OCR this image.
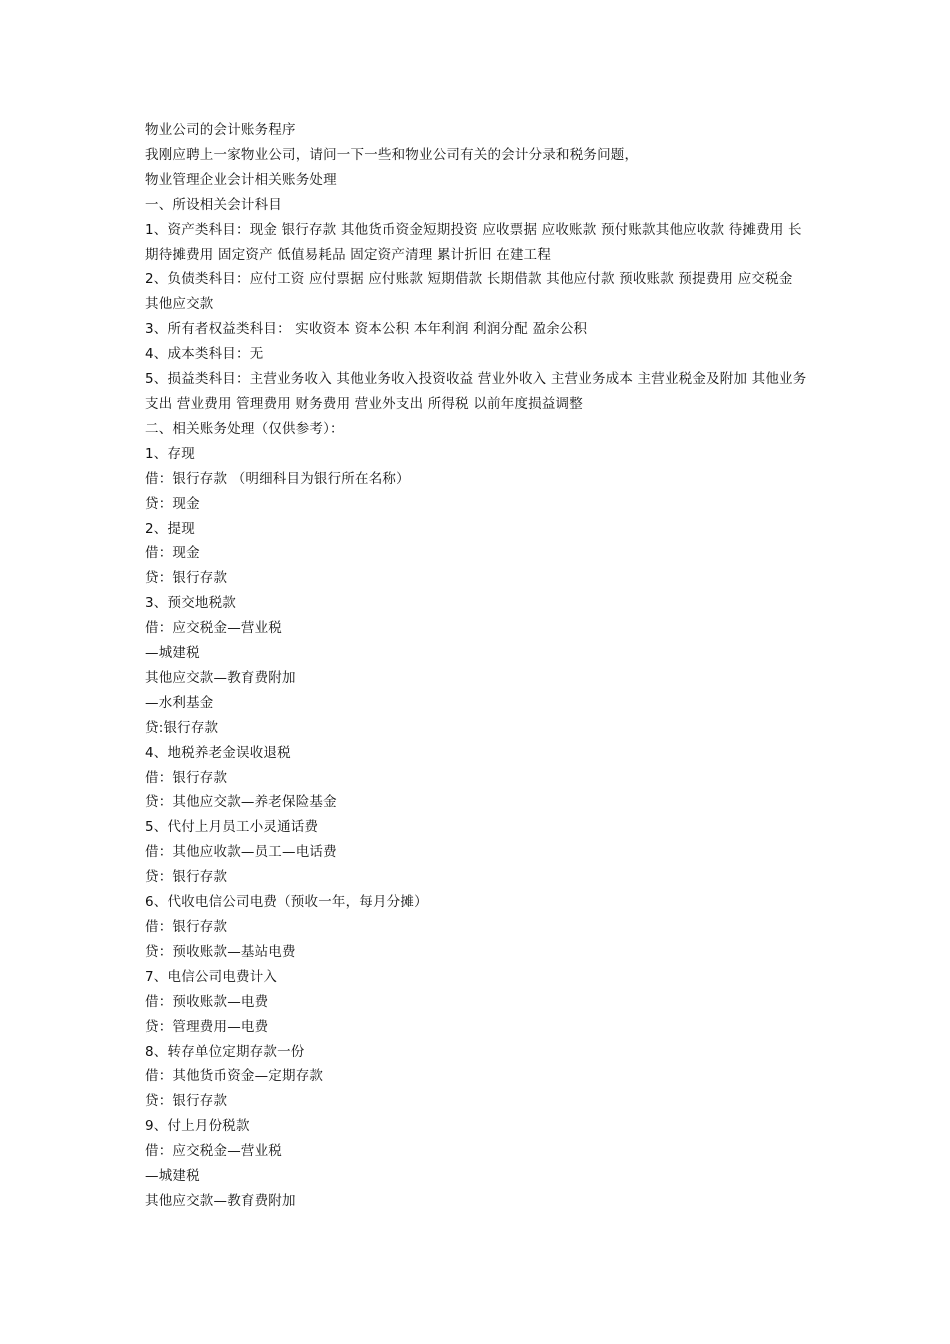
物业公司的会计账务程序

我刚应聘上一家物业公司，请问一下一些和物业公司有关的会计分录和税务问题，

物业管理企业会计相关账务处理

一、所设相关会计科目

1、资产类科目：现金 银行存款 其他货币资金短期投资 应收票据 应收账款 预付账款其他应收款 待摊费用 长期待摊费用 固定资产 低值易耗品 固定资产清理 累计折旧 在建工程

2、负债类科目：应付工资 应付票据 应付账款 短期借款 长期借款 其他应付款 预收账款 预提费用 应交税金 其他应交款

3、所有者权益类科目： 实收资本 资本公积 本年利润 利润分配 盈余公积

4、成本类科目：无

5、损益类科目：主营业务收入 其他业务收入投资收益 营业外收入 主营业务成本 主营业税金及附加 其他业务支出 营业费用 管理费用 财务费用 营业外支出 所得税 以前年度损益调整

二、相关账务处理（仅供参考）：

1、存现

借：银行存款 （明细科目为银行所在名称）

贷：现金

2、提现

借：现金

贷：银行存款

3、预交地税款

借：应交税金—营业税

—城建税

其他应交款—教育费附加

—水利基金

贷:银行存款

4、地税养老金误收退税

借：银行存款

贷：其他应交款—养老保险基金

5、代付上月员工小灵通话费

借：其他应收款—员工—电话费

贷：银行存款

6、代收电信公司电费（预收一年，每月分摊）

借：银行存款

贷：预收账款—基站电费

7、电信公司电费计入

借：预收账款—电费

贷：管理费用—电费

8、转存单位定期存款一份

借：其他货币资金—定期存款

贷：银行存款

9、付上月份税款

借：应交税金—营业税

—城建税

其他应交款—教育费附加
